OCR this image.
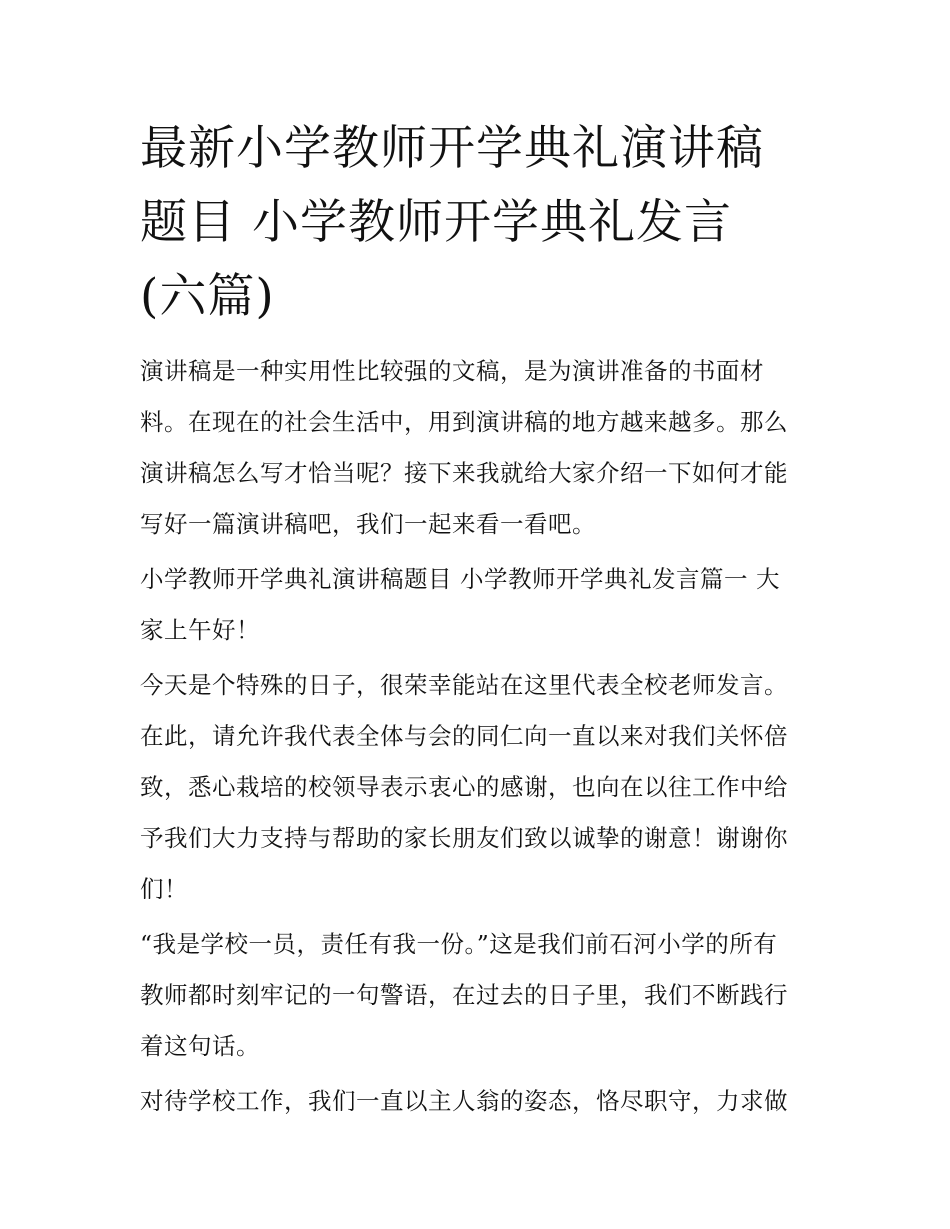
最新小学教师开学典礼演讲稿
题目 小学教师开学典礼发言
(六篇)

演讲稿是一种实用性比较强的文稿，是为演讲准备的书面材
料。在现在的社会生活中，用到演讲稿的地方越来越多。那么
演讲稿怎么写才恰当呢？接下来我就给大家介绍一下如何才能
写好一篇演讲稿吧，我们一起来看一看吧。

小学教师开学典礼演讲稿题目 小学教师开学典礼发言篇一 大
家上午好！

今天是个特殊的日子，很荣幸能站在这里代表全校老师发言。
在此，请允许我代表全体与会的同仁向一直以来对我们关怀倍
致，悉心栽培的校领导表示衷心的感谢，也向在以往工作中给
予我们大力支持与帮助的家长朋友们致以诚挚的谢意！谢谢你
们！

“我是学校一员，责任有我一份。”这是我们前石河小学的所有
教师都时刻牢记的一句警语，在过去的日子里，我们不断践行
着这句话。

对待学校工作，我们一直以主人翁的姿态，恪尽职守，力求做
